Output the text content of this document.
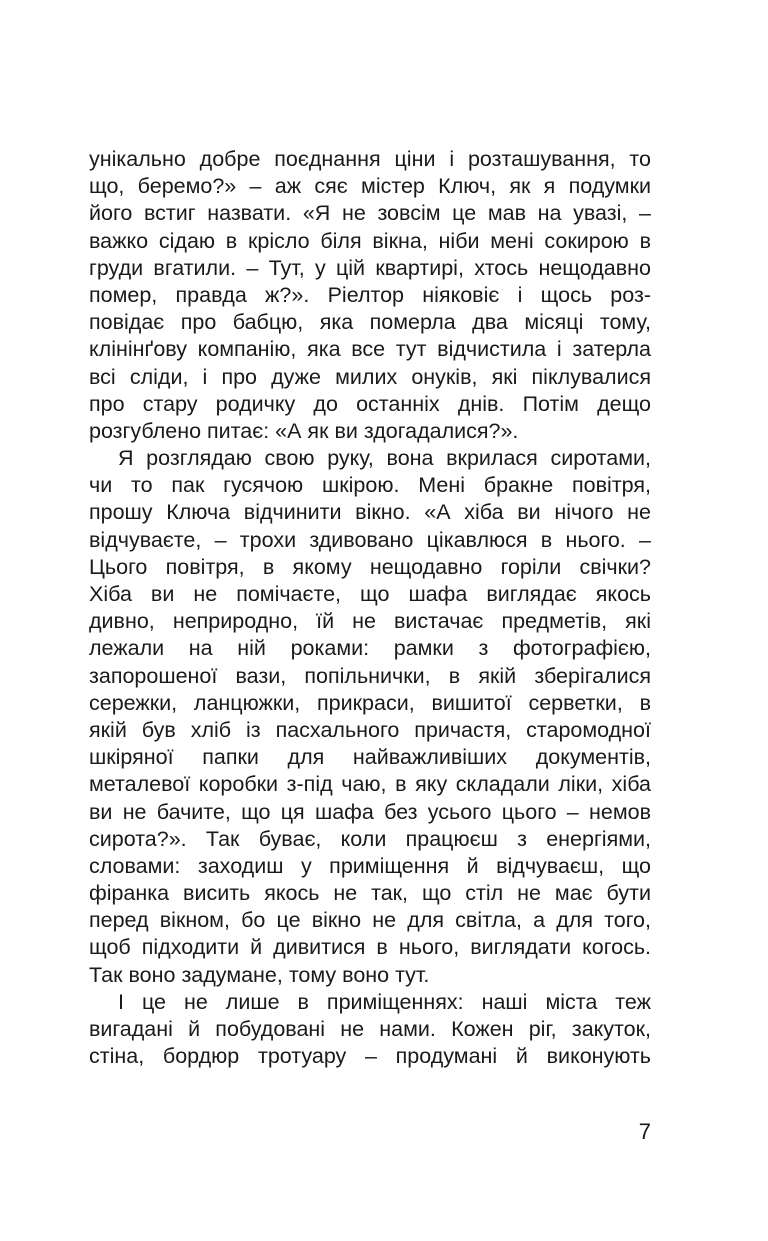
унікально добре поєднання ціни і розташування, то
що, беремо?» – аж сяє містер Ключ, як я подумки
його встиг назвати. «Я не зовсім це мав на увазі, –
важко сідаю в крісло біля вікна, ніби мені сокирою в
груди вгатили. – Тут, у цій квартирі, хтось нещодавно
помер, правда ж?». Ріелтор ніяковіє і щось роз-
повідає про бабцю, яка померла два місяці тому,
клінінґову компанію, яка все тут відчистила і затерла
всі сліди, і про дуже милих онуків, які піклувалися
про стару родичку до останніх днів. Потім дещо
розгублено питає: «А як ви здогадалися?».
Я розглядаю свою руку, вона вкрилася сиротами,
чи то пак гусячою шкірою. Мені бракне повітря,
прошу Ключа відчинити вікно. «А хіба ви нічого не
відчуваєте, – трохи здивовано цікавлюся в нього. –
Цього повітря, в якому нещодавно горіли свічки?
Хіба ви не помічаєте, що шафа виглядає якось
дивно, неприродно, їй не вистачає предметів, які
лежали на ній роками: рамки з фотографією,
запорошеної вази, попільнички, в якій зберігалися
сережки, ланцюжки, прикраси, вишитої серветки, в
якій був хліб із пасхального причастя, старомодної
шкіряної папки для найважливіших документів,
металевої коробки з-під чаю, в яку складали ліки, хіба
ви не бачите, що ця шафа без усього цього – немов
сирота?». Так буває, коли працюєш з енергіями,
словами: заходиш у приміщення й відчуваєш, що
фіранка висить якось не так, що стіл не має бути
перед вікном, бо це вікно не для світла, а для того,
щоб підходити й дивитися в нього, виглядати когось.
Так воно задумане, тому воно тут.
І це не лише в приміщеннях: наші міста теж
вигадані й побудовані не нами. Кожен ріг, закуток,
стіна, бордюр тротуару – продумані й виконують
7
